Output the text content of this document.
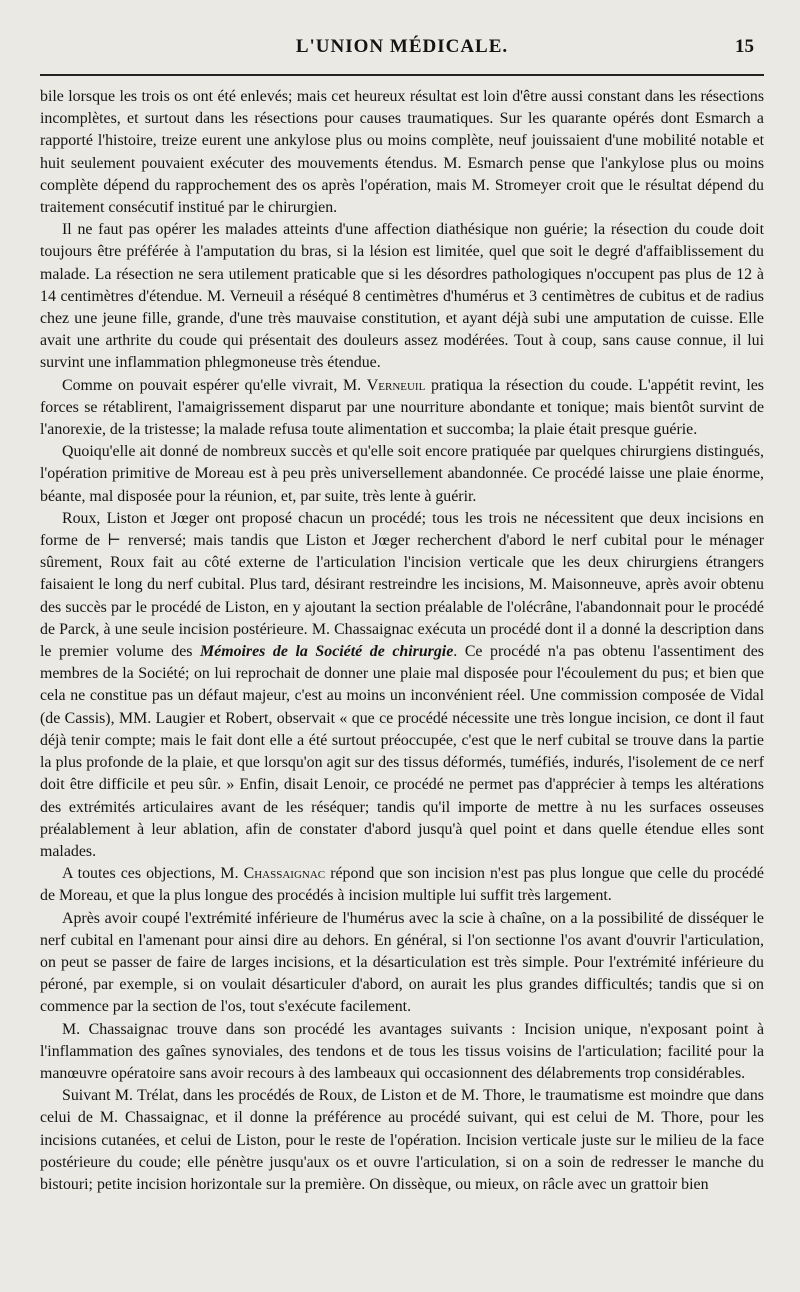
L'UNION MÉDICALE.	15

bile lorsque les trois os ont été enlevés; mais cet heureux résultat est loin d'être aussi constant dans les résections incomplètes, et surtout dans les résections pour causes traumatiques. Sur les quarante opérés dont Esmarch a rapporté l'histoire, treize eurent une ankylose plus ou moins complète, neuf jouissaient d'une mobilité notable et huit seulement pouvaient exécuter des mouvements étendus. M. Esmarch pense que l'ankylose plus ou moins complète dépend du rapprochement des os après l'opération, mais M. Stromeyer croit que le résultat dépend du traitement consécutif institué par le chirurgien.

Il ne faut pas opérer les malades atteints d'une affection diathésique non guérie; la résection du coude doit toujours être préférée à l'amputation du bras, si la lésion est limitée, quel que soit le degré d'affaiblissement du malade. La résection ne sera utilement praticable que si les désordres pathologiques n'occupent pas plus de 12 à 14 centimètres d'étendue. M. Verneuil a réséqué 8 centimètres d'humérus et 3 centimètres de cubitus et de radius chez une jeune fille, grande, d'une très mauvaise constitution, et ayant déjà subi une amputation de cuisse. Elle avait une arthrite du coude qui présentait des douleurs assez modérées. Tout à coup, sans cause connue, il lui survint une inflammation phlegmoneuse très étendue.

Comme on pouvait espérer qu'elle vivrait, M. Verneuil pratiqua la résection du coude. L'appétit revint, les forces se rétablirent, l'amaigrissement disparut par une nourriture abondante et tonique; mais bientôt survint de l'anorexie, de la tristesse; la malade refusa toute alimentation et succomba; la plaie était presque guérie.

Quoiqu'elle ait donné de nombreux succès et qu'elle soit encore pratiquée par quelques chirurgiens distingués, l'opération primitive de Moreau est à peu près universellement abandonnée. Ce procédé laisse une plaie énorme, béante, mal disposée pour la réunion, et, par suite, très lente à guérir.

Roux, Liston et Jœger ont proposé chacun un procédé; tous les trois ne nécessitent que deux incisions en forme de ⊢ renversé; mais tandis que Liston et Jœger recherchent d'abord le nerf cubital pour le ménager sûrement, Roux fait au côté externe de l'articulation l'incision verticale que les deux chirurgiens étrangers faisaient le long du nerf cubital. Plus tard, désirant restreindre les incisions, M. Maisonneuve, après avoir obtenu des succès par le procédé de Liston, en y ajoutant la section préalable de l'olécrâne, l'abandonnait pour le procédé de Parck, à une seule incision postérieure. M. Chassaignac exécuta un procédé dont il a donné la description dans le premier volume des Mémoires de la Société de chirurgie. Ce procédé n'a pas obtenu l'assentiment des membres de la Société; on lui reprochait de donner une plaie mal disposée pour l'écoulement du pus; et bien que cela ne constitue pas un défaut majeur, c'est au moins un inconvénient réel. Une commission composée de Vidal (de Cassis), MM. Laugier et Robert, observait « que ce procédé nécessite une très longue incision, ce dont il faut déjà tenir compte; mais le fait dont elle a été surtout préoccupée, c'est que le nerf cubital se trouve dans la partie la plus profonde de la plaie, et que lorsqu'on agit sur des tissus déformés, tuméfiés, indurés, l'isolement de ce nerf doit être difficile et peu sûr. » Enfin, disait Lenoir, ce procédé ne permet pas d'apprécier à temps les altérations des extrémités articulaires avant de les réséquer; tandis qu'il importe de mettre à nu les surfaces osseuses préalablement à leur ablation, afin de constater d'abord jusqu'à quel point et dans quelle étendue elles sont malades.

A toutes ces objections, M. Chassaignac répond que son incision n'est pas plus longue que celle du procédé de Moreau, et que la plus longue des procédés à incision multiple lui suffit très largement.

Après avoir coupé l'extrémité inférieure de l'humérus avec la scie à chaîne, on a la possibilité de disséquer le nerf cubital en l'amenant pour ainsi dire au dehors. En général, si l'on sectionne l'os avant d'ouvrir l'articulation, on peut se passer de faire de larges incisions, et la désarticulation est très simple. Pour l'extrémité inférieure du péroné, par exemple, si on voulait désarticuler d'abord, on aurait les plus grandes difficultés; tandis que si on commence par la section de l'os, tout s'exécute facilement.

M. Chassaignac trouve dans son procédé les avantages suivants : Incision unique, n'exposant point à l'inflammation des gaînes synoviales, des tendons et de tous les tissus voisins de l'articulation; facilité pour la manœuvre opératoire sans avoir recours à des lambeaux qui occasionnent des délabrements trop considérables.

Suivant M. Trélat, dans les procédés de Roux, de Liston et de M. Thore, le traumatisme est moindre que dans celui de M. Chassaignac, et il donne la préférence au procédé suivant, qui est celui de M. Thore, pour les incisions cutanées, et celui de Liston, pour le reste de l'opération. Incision verticale juste sur le milieu de la face postérieure du coude; elle pénètre jusqu'aux os et ouvre l'articulation, si on a soin de redresser le manche du bistouri; petite incision horizontale sur la première. On dissèque, ou mieux, on râcle avec un grattoir bien
